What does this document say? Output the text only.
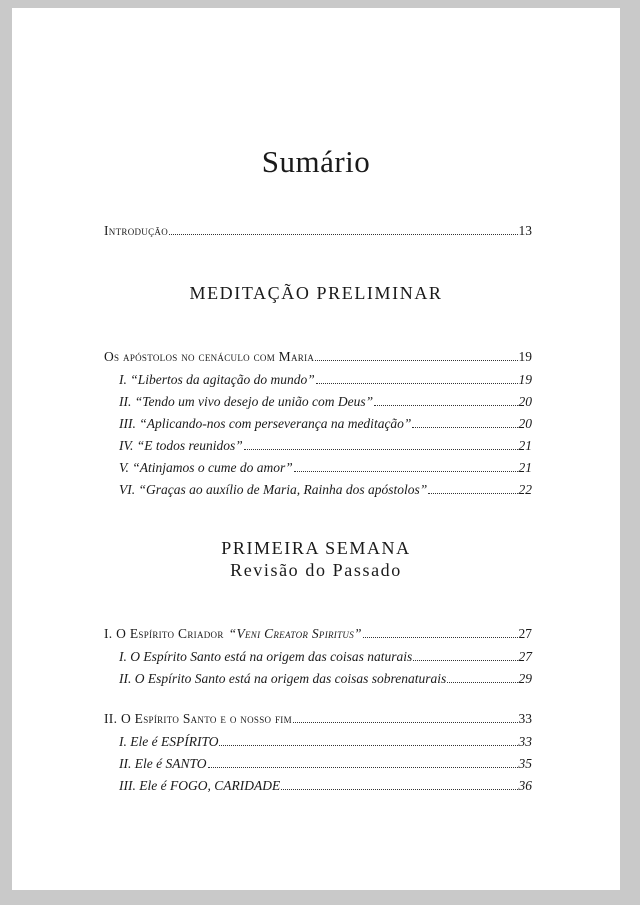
Sumário
Introdução	13
MEDITAÇÃO PRELIMINAR
Os apóstolos no cenáculo com Maria	19
I. “Libertos da agitação do mundo”	19
II. “Tendo um vivo desejo de união com Deus”	20
III. “Aplicando-nos com perseverança na meditação”	20
IV. “E todos reunidos”	21
V. “Atinjamos o cume do amor”	21
VI. “Graças ao auxílio de Maria, Rainha dos apóstolos”	22
PRIMEIRA SEMANA
Revisão do Passado
I. O Espírito Criador “Veni Creator Spiritus”	27
I. O Espírito Santo está na origem das coisas naturais	27
II. O Espírito Santo está na origem das coisas sobrenaturais	29
II. O Espírito Santo e o nosso fim	33
I. Ele é ESPÍRITO	33
II. Ele é SANTO	35
III. Ele é FOGO, CARIDADE	36
